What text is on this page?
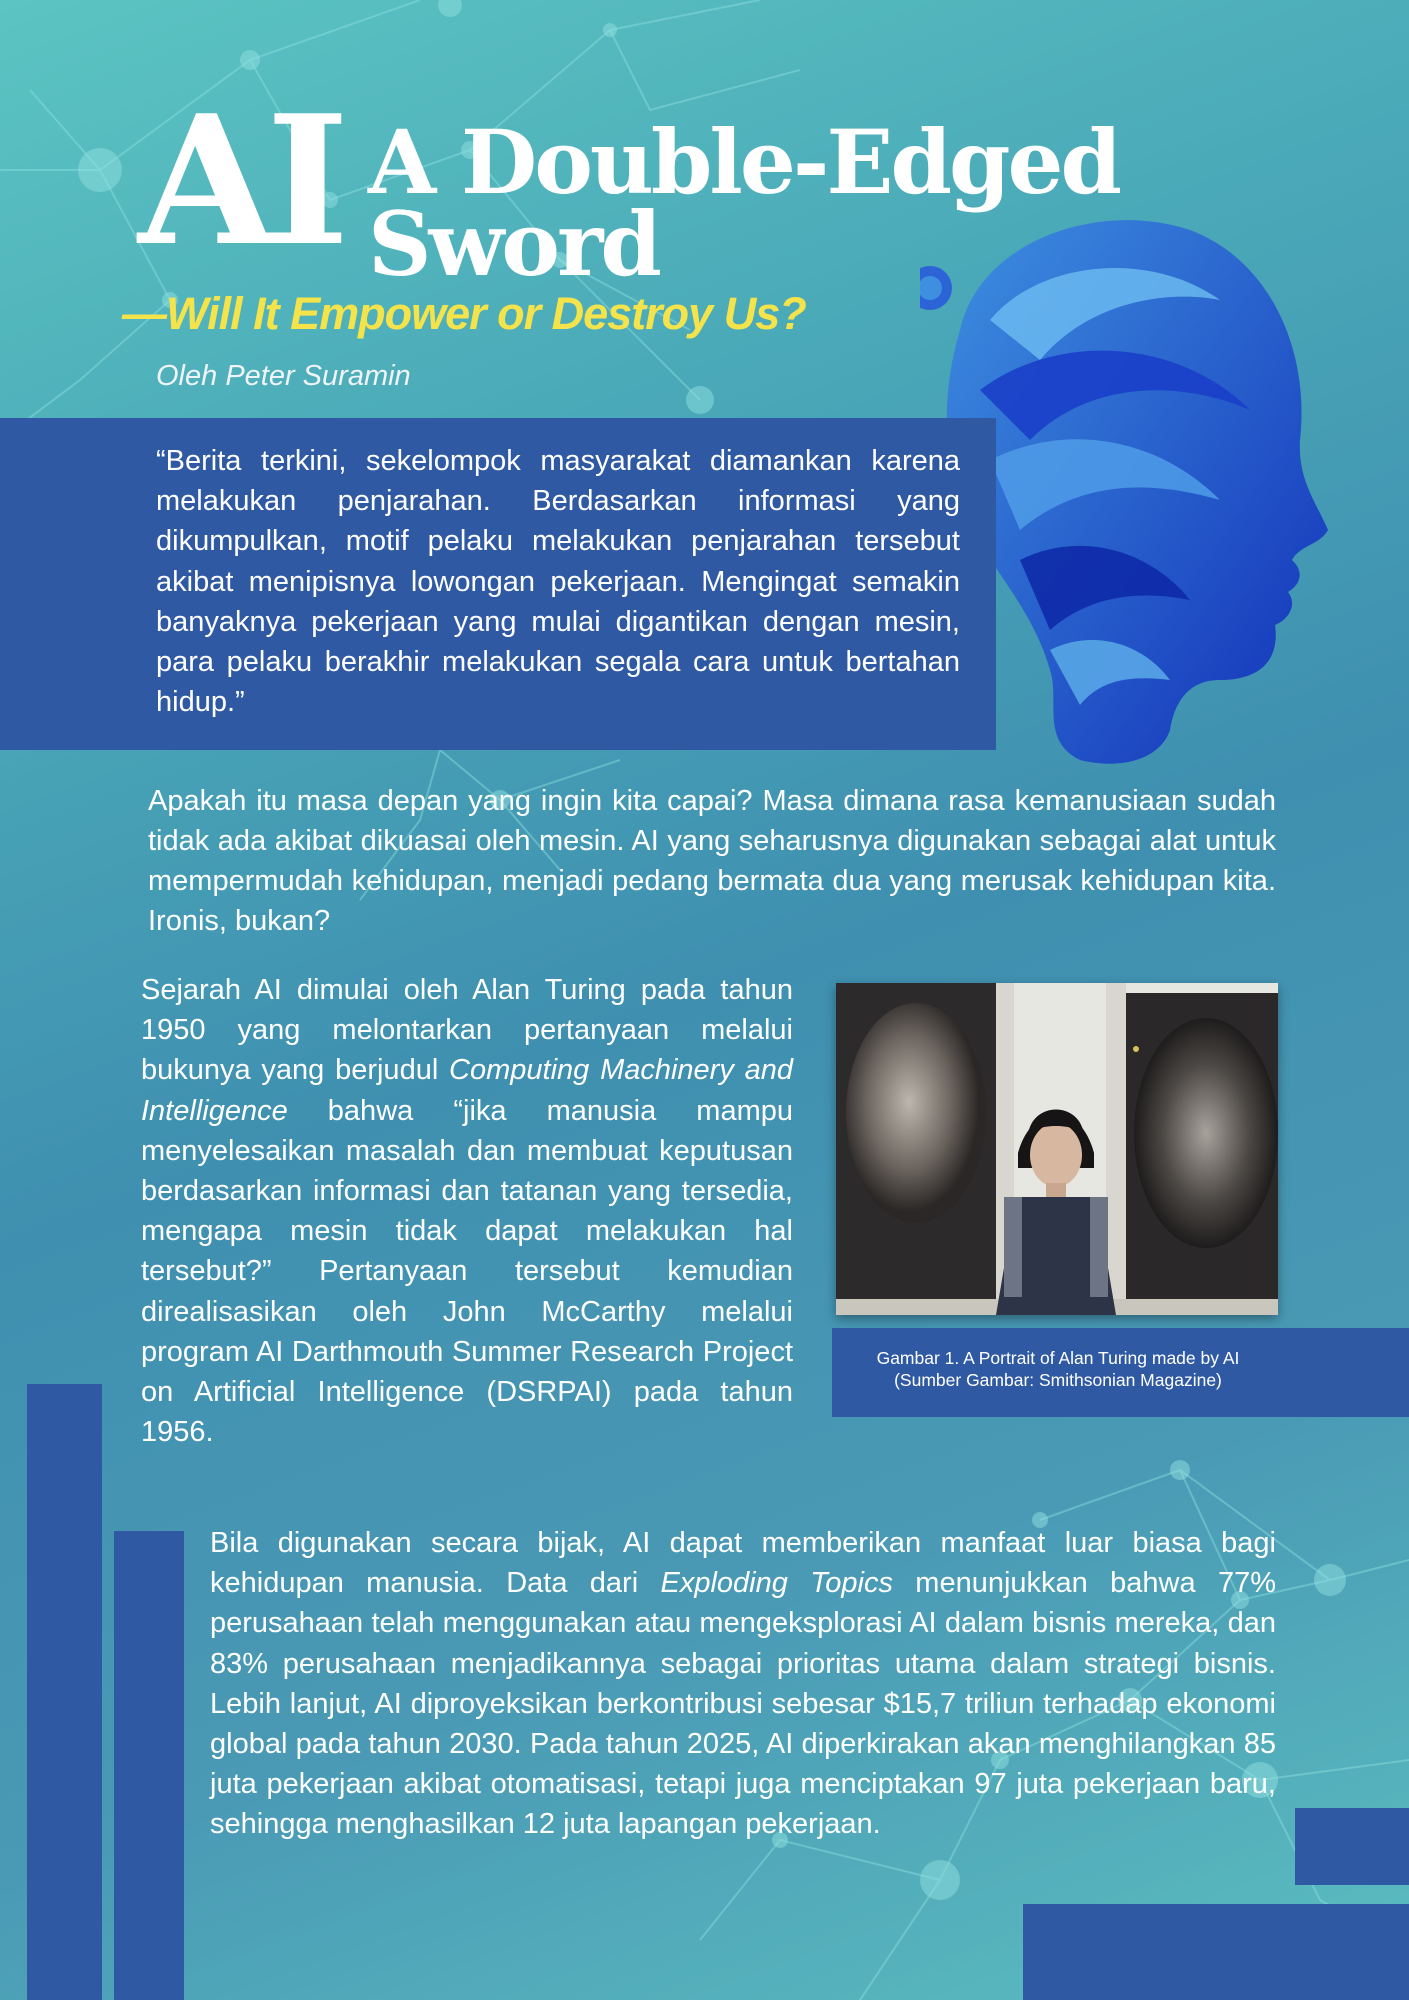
AI A Double-Edged
Sword
—Will It Empower or Destroy Us?
Oleh Peter Suramin
“Berita terkini, sekelompok masyarakat diamankan karena melakukan penjarahan. Berdasarkan informasi yang dikumpulkan, motif pelaku melakukan penjarahan tersebut akibat menipisnya lowongan pekerjaan. Mengingat semakin banyaknya pekerjaan yang mulai digantikan dengan mesin, para pelaku berakhir melakukan segala cara untuk bertahan hidup.”

Apakah itu masa depan yang ingin kita capai? Masa dimana rasa kemanusiaan sudah tidak ada akibat dikuasai oleh mesin. AI yang seharusnya digunakan sebagai alat untuk mempermudah kehidupan, menjadi pedang bermata dua yang merusak kehidupan kita. Ironis, bukan?

Sejarah AI dimulai oleh Alan Turing pada tahun 1950 yang melontarkan pertanyaan melalui bukunya yang berjudul Computing Machinery and Intelligence bahwa “jika manusia mampu menyelesaikan masalah dan membuat keputusan berdasarkan informasi dan tatanan yang tersedia, mengapa mesin tidak dapat melakukan hal tersebut?” Pertanyaan tersebut kemudian direalisasikan oleh John McCarthy melalui program AI Darthmouth Summer Research Project on Artificial Intelligence (DSRPAI) pada tahun 1956.

Gambar 1. A Portrait of Alan Turing made by AI
(Sumber Gambar: Smithsonian Magazine)

Bila digunakan secara bijak, AI dapat memberikan manfaat luar biasa bagi kehidupan manusia. Data dari Exploding Topics menunjukkan bahwa 77% perusahaan telah menggunakan atau mengeksplorasi AI dalam bisnis mereka, dan 83% perusahaan menjadikannya sebagai prioritas utama dalam strategi bisnis. Lebih lanjut, AI diproyeksikan berkontribusi sebesar $15,7 triliun terhadap ekonomi global pada tahun 2030. Pada tahun 2025, AI diperkirakan akan menghilangkan 85 juta pekerjaan akibat otomatisasi, tetapi juga menciptakan 97 juta pekerjaan baru, sehingga menghasilkan 12 juta lapangan pekerjaan.
